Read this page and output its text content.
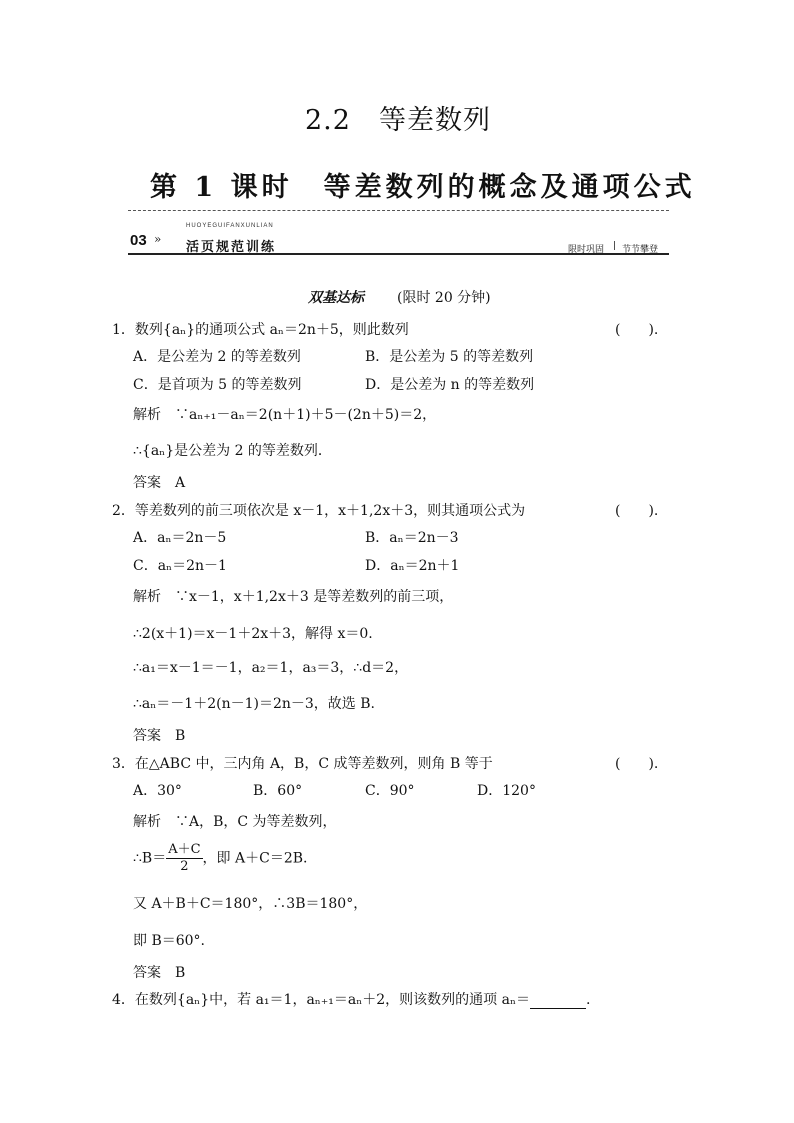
2.2　等差数列
第 1 课时　等差数列的概念及通项公式
HUOYEGUIFANXUNLIAN
03 »
活页规范训练	限时巩固 | 节节攀登
双基达标 (限时 20 分钟)
1．数列{aₙ}的通项公式 aₙ＝2n＋5，则此数列	(　　).
A．是公差为 2 的等差数列	B．是公差为 5 的等差数列
C．是首项为 5 的等差数列	D．是公差为 n 的等差数列
解析　∵aₙ₊₁－aₙ＝2(n＋1)＋5－(2n＋5)＝2，
∴{aₙ}是公差为 2 的等差数列．
答案　A
2．等差数列的前三项依次是 x－1，x＋1,2x＋3，则其通项公式为	(　　).
A．aₙ＝2n－5	B．aₙ＝2n－3
C．aₙ＝2n－1	D．aₙ＝2n＋1
解析　∵x－1，x＋1,2x＋3 是等差数列的前三项，
∴2(x＋1)＝x－1＋2x＋3，解得 x＝0.
∴a₁＝x－1＝－1，a₂＝1，a₃＝3，∴d＝2，
∴aₙ＝－1＋2(n－1)＝2n－3，故选 B.
答案　B
3．在△ABC 中，三内角 A，B，C 成等差数列，则角 B 等于	(　　).
A．30°	B．60°	C．90°	D．120°
解析　∵A，B，C 为等差数列，
∴B＝ $\frac{A+C}{2}$ ，即 A＋C＝2B.
又 A＋B＋C＝180°，∴3B＝180°，
即 B＝60°.
答案　B
4．在数列{aₙ}中，若 a₁＝1，aₙ₊₁＝aₙ＋2，则该数列的通项 aₙ＝	.
